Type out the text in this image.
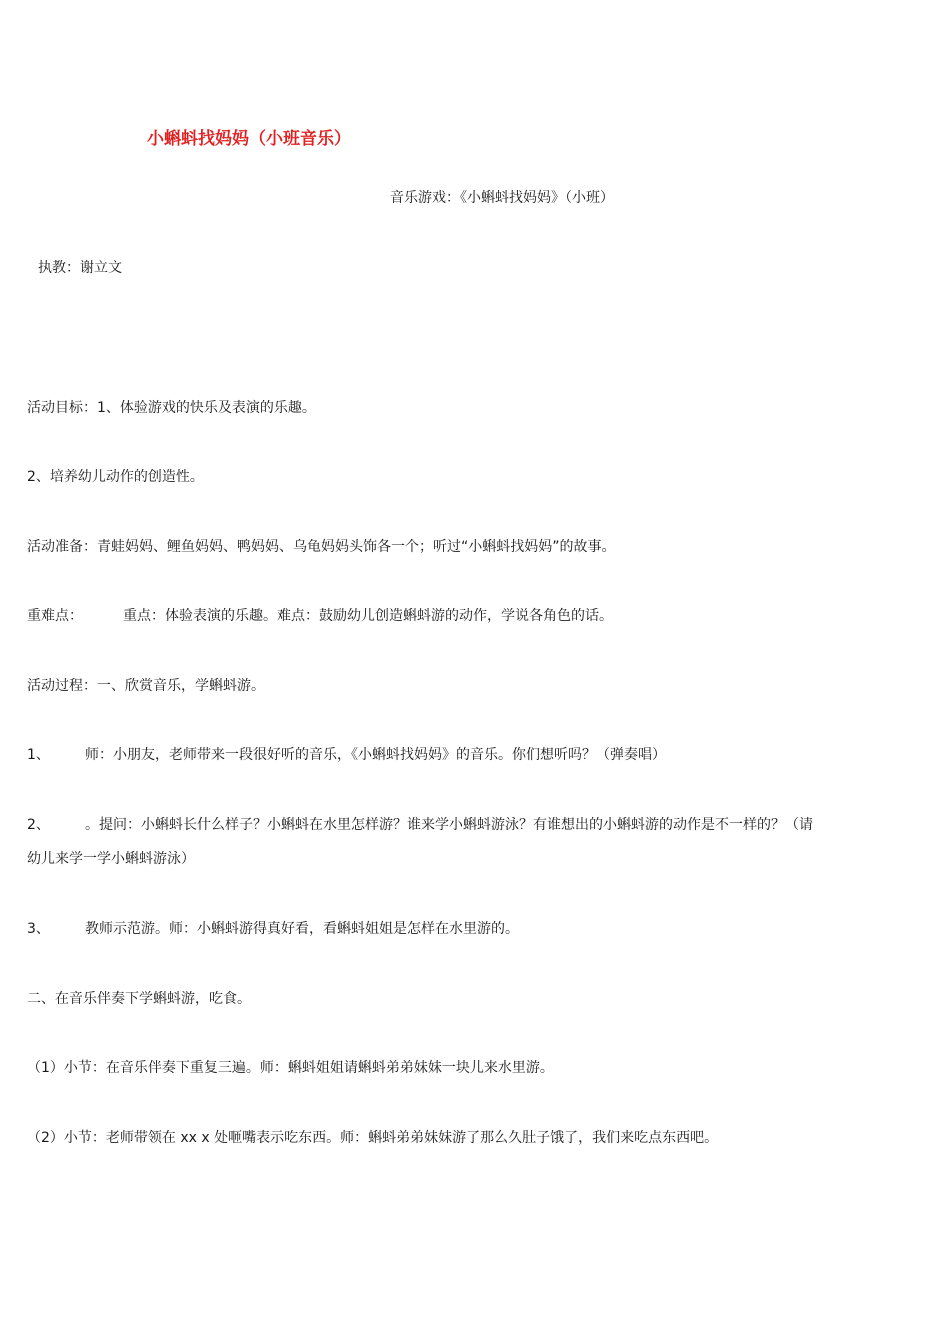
小蝌蚪找妈妈（小班音乐）
音乐游戏：《小蝌蚪找妈妈》（小班）
执教：谢立文
活动目标：1、体验游戏的快乐及表演的乐趣。
2、培养幼儿动作的创造性。
活动准备：青蛙妈妈、鲤鱼妈妈、鸭妈妈、乌龟妈妈头饰各一个；听过“小蝌蚪找妈妈”的故事。
重难点：	重点：体验表演的乐趣。难点：鼓励幼儿创造蝌蚪游的动作，学说各角色的话。
活动过程：一、欣赏音乐，学蝌蚪游。
1、	师：小朋友，老师带来一段很好听的音乐，《小蝌蚪找妈妈》的音乐。你们想听吗？（弹奏唱）
2、	。提问：小蝌蚪长什么样子？小蝌蚪在水里怎样游？谁来学小蝌蚪游泳？有谁想出的小蝌蚪游的动作是不一样的？（请
幼儿来学一学小蝌蚪游泳）
3、	教师示范游。师：小蝌蚪游得真好看，看蝌蚪姐姐是怎样在水里游的。
二、在音乐伴奏下学蝌蚪游，吃食。
（1）小节：在音乐伴奏下重复三遍。师：蝌蚪姐姐请蝌蚪弟弟妹妹一块儿来水里游。
（2）小节：老师带领在 xx x 处咂嘴表示吃东西。师：蝌蚪弟弟妹妹游了那么久肚子饿了，我们来吃点东西吧。
